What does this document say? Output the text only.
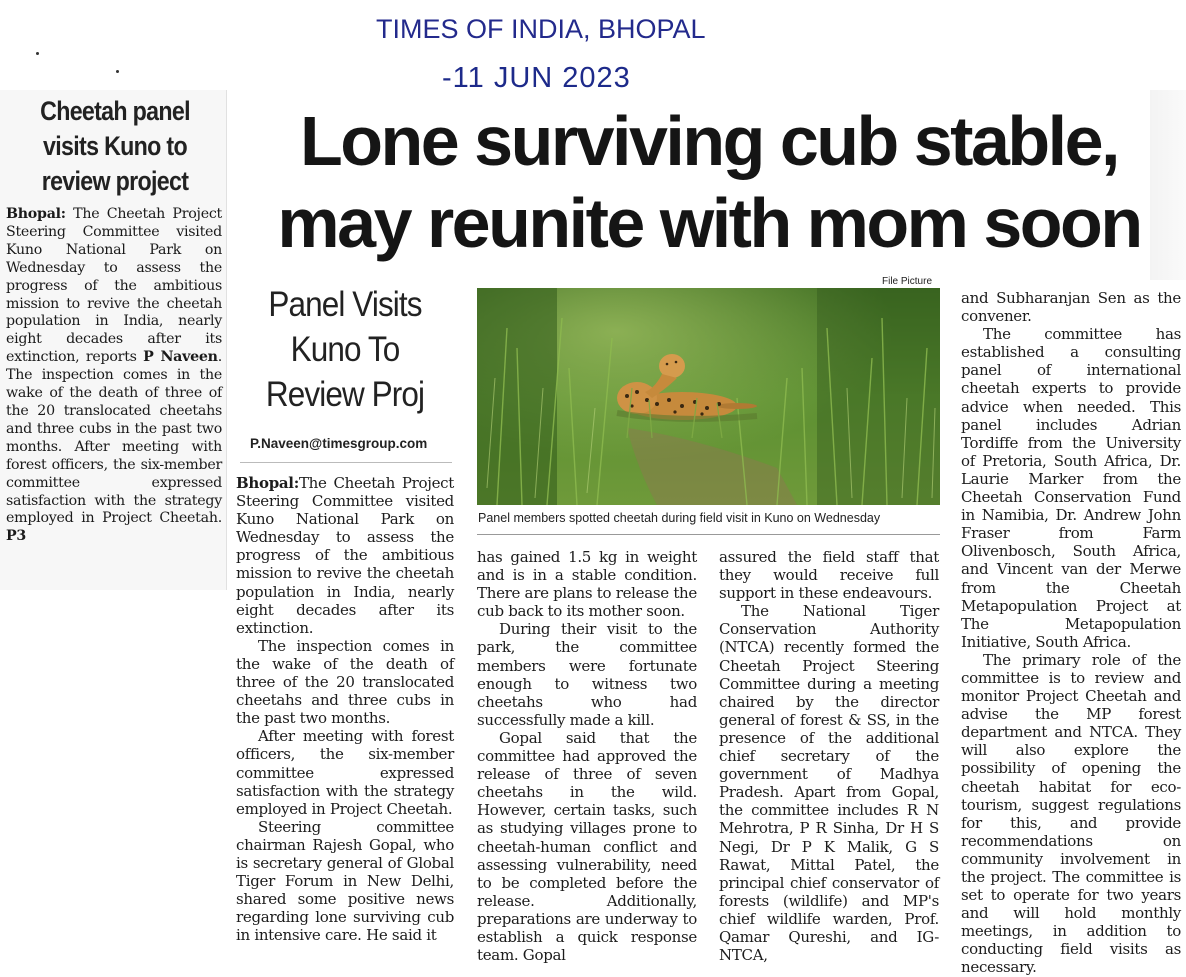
TIMES OF INDIA, BHOPAL
-11 JUN 2023
Cheetah panel visits Kuno to review project
Bhopal: The Cheetah Project Steering Committee visited Kuno National Park on Wednesday to assess the progress of the ambitious mission to revive the cheetah population in India, nearly eight decades after its extinction, reports P Naveen. The inspection comes in the wake of the death of three of the 20 translocated cheetahs and three cubs in the past two months. After meeting with forest officers, the six-member committee expressed satisfaction with the strategy employed in Project Cheetah. P3
Lone surviving cub stable,
may reunite with mom soon
Panel Visits Kuno To Review Proj
P.Naveen@timesgroup.com
File Picture
Panel members spotted cheetah during field visit in Kuno on Wednesday

Bhopal:The Cheetah Project Steering Committee visited Kuno National Park on Wednesday to assess the progress of the ambitious mission to revive the cheetah population in India, nearly eight decades after its extinction.

The inspection comes in the wake of the death of three of the 20 translocated cheetahs and three cubs in the past two months.

After meeting with forest officers, the six-member committee expressed satisfaction with the strategy employed in Project Cheetah.

Steering committee chairman Rajesh Gopal, who is secretary general of Global Tiger Forum in New Delhi, shared some positive news regarding lone surviving cub in intensive care. He said it

has gained 1.5 kg in weight and is in a stable condition. There are plans to release the cub back to its mother soon.

During their visit to the park, the committee members were fortunate enough to witness two cheetahs who had successfully made a kill.

Gopal said that the committee had approved the release of three of seven cheetahs in the wild. However, certain tasks, such as studying villages prone to cheetah-human conflict and assessing vulnerability, need to be completed before the release. Additionally, preparations are underway to establish a quick response team. Gopal

assured the field staff that they would receive full support in these endeavours.

The National Tiger Conservation Authority (NTCA) recently formed the Cheetah Project Steering Committee during a meeting chaired by the director general of forest & SS, in the presence of the additional chief secretary of the government of Madhya Pradesh. Apart from Gopal, the committee includes R N Mehrotra, P R Sinha, Dr H S Negi, Dr P K Malik, G S Rawat, Mittal Patel, the principal chief conservator of forests (wildlife) and MP's chief wildlife warden, Prof. Qamar Qureshi, and IG-NTCA,

and Subharanjan Sen as the convener.

The committee has established a consulting panel of international cheetah experts to provide advice when needed. This panel includes Adrian Tordiffe from the University of Pretoria, South Africa, Dr. Laurie Marker from the Cheetah Conservation Fund in Namibia, Dr. Andrew John Fraser from Farm Olivenbosch, South Africa, and Vincent van der Merwe from the Cheetah Metapopulation Project at The Metapopulation Initiative, South Africa.

The primary role of the committee is to review and monitor Project Cheetah and advise the MP forest department and NTCA. They will also explore the possibility of opening the cheetah habitat for eco-tourism, suggest regulations for this, and provide recommendations on community involvement in the project. The committee is set to operate for two years and will hold monthly meetings, in addition to conducting field visits as necessary.
